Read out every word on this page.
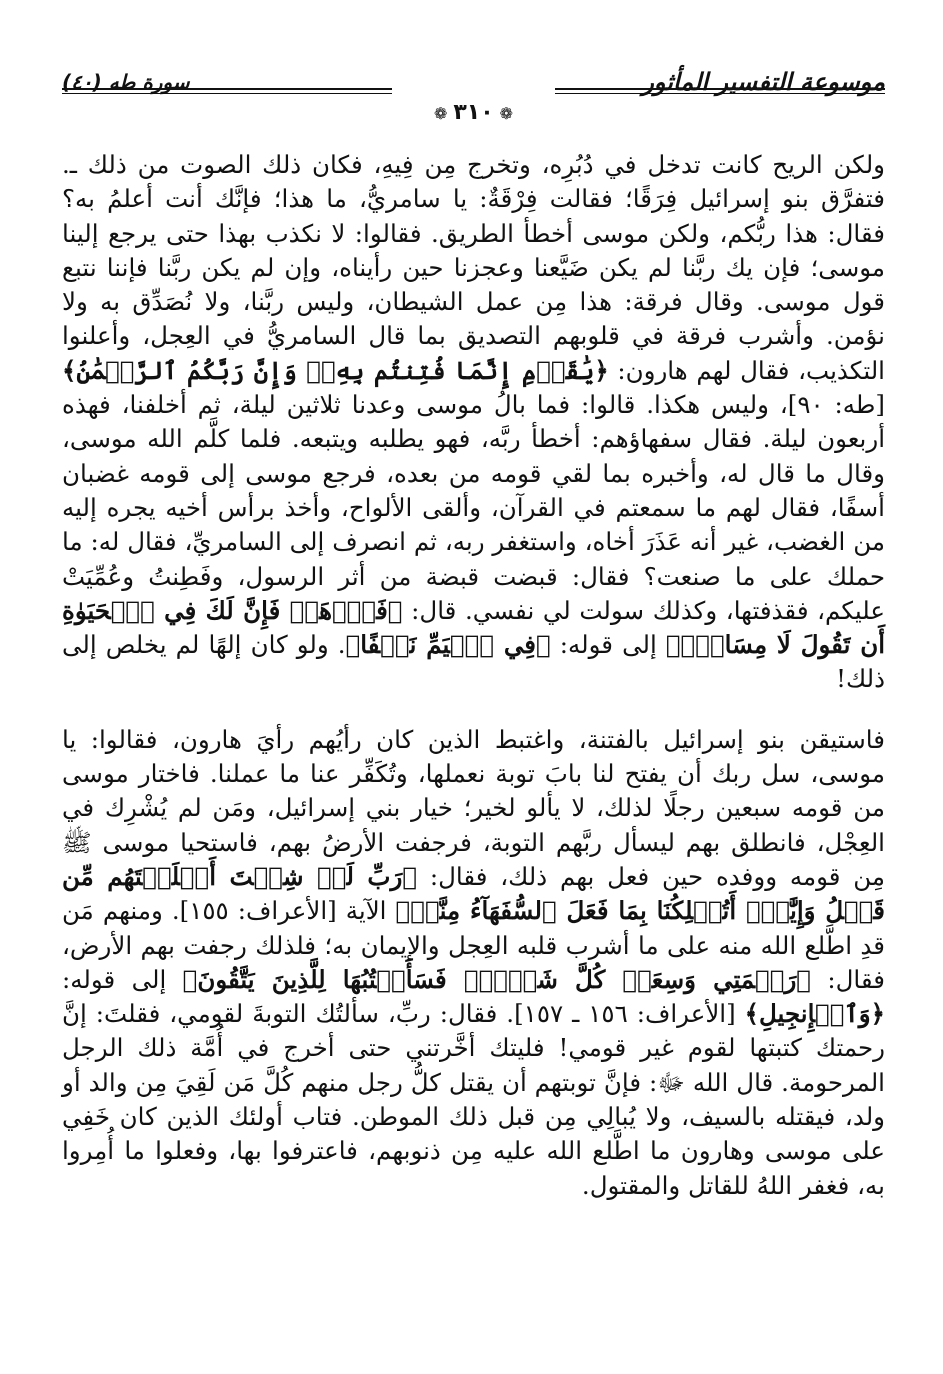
موسوعة التفسير المأثور
❁ ٣١٠ ❁
سورة طه (٤٠)

ولكن الريح كانت تدخل في دُبُرِه، وتخرج مِن فِيهِ، فكان ذلك الصوت من ذلك ـ. فتفرَّق بنو إسرائيل فِرَقًا؛ فقالت فِرْقَةٌ: يا سامريُّ، ما هذا؛ فإنَّك أنت أعلمُ به؟ فقال: هذا ربُّكم، ولكن موسى أخطأ الطريق. فقالوا: لا نكذب بهذا حتى يرجع إلينا موسى؛ فإن يك ربَّنا لم يكن ضَيَّعنا وعجزنا حين رأيناه، وإن لم يكن ربَّنا فإننا نتبع قول موسى. وقال فرقة: هذا مِن عمل الشيطان، وليس ربَّنا، ولا نُصَدِّق به ولا نؤمن. وأشرب فرقة في قلوبهم التصديق بما قال السامريُّ في العِجل، وأعلنوا التكذيب، فقال لهم هارون: ﴿يَٰقَوۡمِ إِنَّمَا فُتِنتُم بِهِۦۖ وَإِنَّ رَبَّكُمُ ٱلرَّحۡمَٰنُ﴾ [طه: ٩٠]، وليس هكذا. قالوا: فما بالُ موسى وعدنا ثلاثين ليلة، ثم أخلفنا، فهذه أربعون ليلة. فقال سفهاؤهم: أخطأ ربَّه، فهو يطلبه ويتبعه. فلما كلَّم الله موسى، وقال ما قال له، وأخبره بما لقي قومه من بعده، فرجع موسى إلى قومه غضبان أسفًا، فقال لهم ما سمعتم في القرآن، وألقى الألواح، وأخذ برأس أخيه يجره إليه من الغضب، غير أنه عَذَرَ أخاه، واستغفر ربه، ثم انصرف إلى السامريِّ، فقال له: ما حملك على ما صنعت؟ فقال: قبضت قبضة من أثر الرسول، وفَطِنتُ وعُمِّيَتْ عليكم، فقذفتها، وكذلك سولت لي نفسي. قال: ﴿فَٱذۡهَبۡ فَإِنَّ لَكَ فِي ٱلۡحَيَوٰةِ أَن تَقُولَ لَا مِسَاسَۖ﴾ إلى قوله: ﴿فِي ٱلۡيَمِّ نَسۡفًا﴾. ولو كان إلهًا لم يخلص إلى ذلك!

فاستيقن بنو إسرائيل بالفتنة، واغتبط الذين كان رأيُهم رأيَ هارون، فقالوا: يا موسى، سل ربك أن يفتح لنا بابَ توبة نعملها، وتُكَفِّر عنا ما عملنا. فاختار موسى من قومه سبعين رجلًا لذلك، لا يألو لخير؛ خيار بني إسرائيل، ومَن لم يُشْرِك في العِجْل، فانطلق بهم ليسأل ربَّهم التوبة، فرجفت الأرضُ بهم، فاستحيا موسى ﷺ مِن قومه ووفده حين فعل بهم ذلك، فقال: ﴿رَبِّ لَوۡ شِئۡتَ أَهۡلَكۡتَهُم مِّن قَبۡلُ وَإِيَّٰيَۖ أَتُهۡلِكُنَا بِمَا فَعَلَ ٱلسُّفَهَآءُ مِنَّآۖ﴾ الآية [الأعراف: ١٥٥]. ومنهم مَن قدِ اطَّلع الله منه على ما أشرب قلبه العِجل والإيمان به؛ فلذلك رجفت بهم الأرض، فقال: ﴿رَحۡمَتِي وَسِعَتۡ كُلَّ شَيۡءٖۚ فَسَأَكۡتُبُهَا لِلَّذِينَ يَتَّقُونَ﴾ إلى قوله: ﴿وَٱلۡإِنجِيلِ﴾ [الأعراف: ١٥٦ ـ ١٥٧]. فقال: ربِّ، سألتُك التوبةَ لقومي، فقلتَ: إنَّ رحمتك كتبتها لقوم غير قومي! فليتك أخَّرتني حتى أخرج في أُمَّة ذلك الرجل المرحومة. قال الله ﷻ: فإنَّ توبتهم أن يقتل كلُّ رجل منهم كُلَّ مَن لَقِيَ مِن والد أو ولد، فيقتله بالسيف، ولا يُبالِي مِن قبل ذلك الموطن. فتاب أولئك الذين كان خَفِي على موسى وهارون ما اطَّلع الله عليه مِن ذنوبهم، فاعترفوا بها، وفعلوا ما أُمِروا به، فغفر اللهُ للقاتل والمقتول.
